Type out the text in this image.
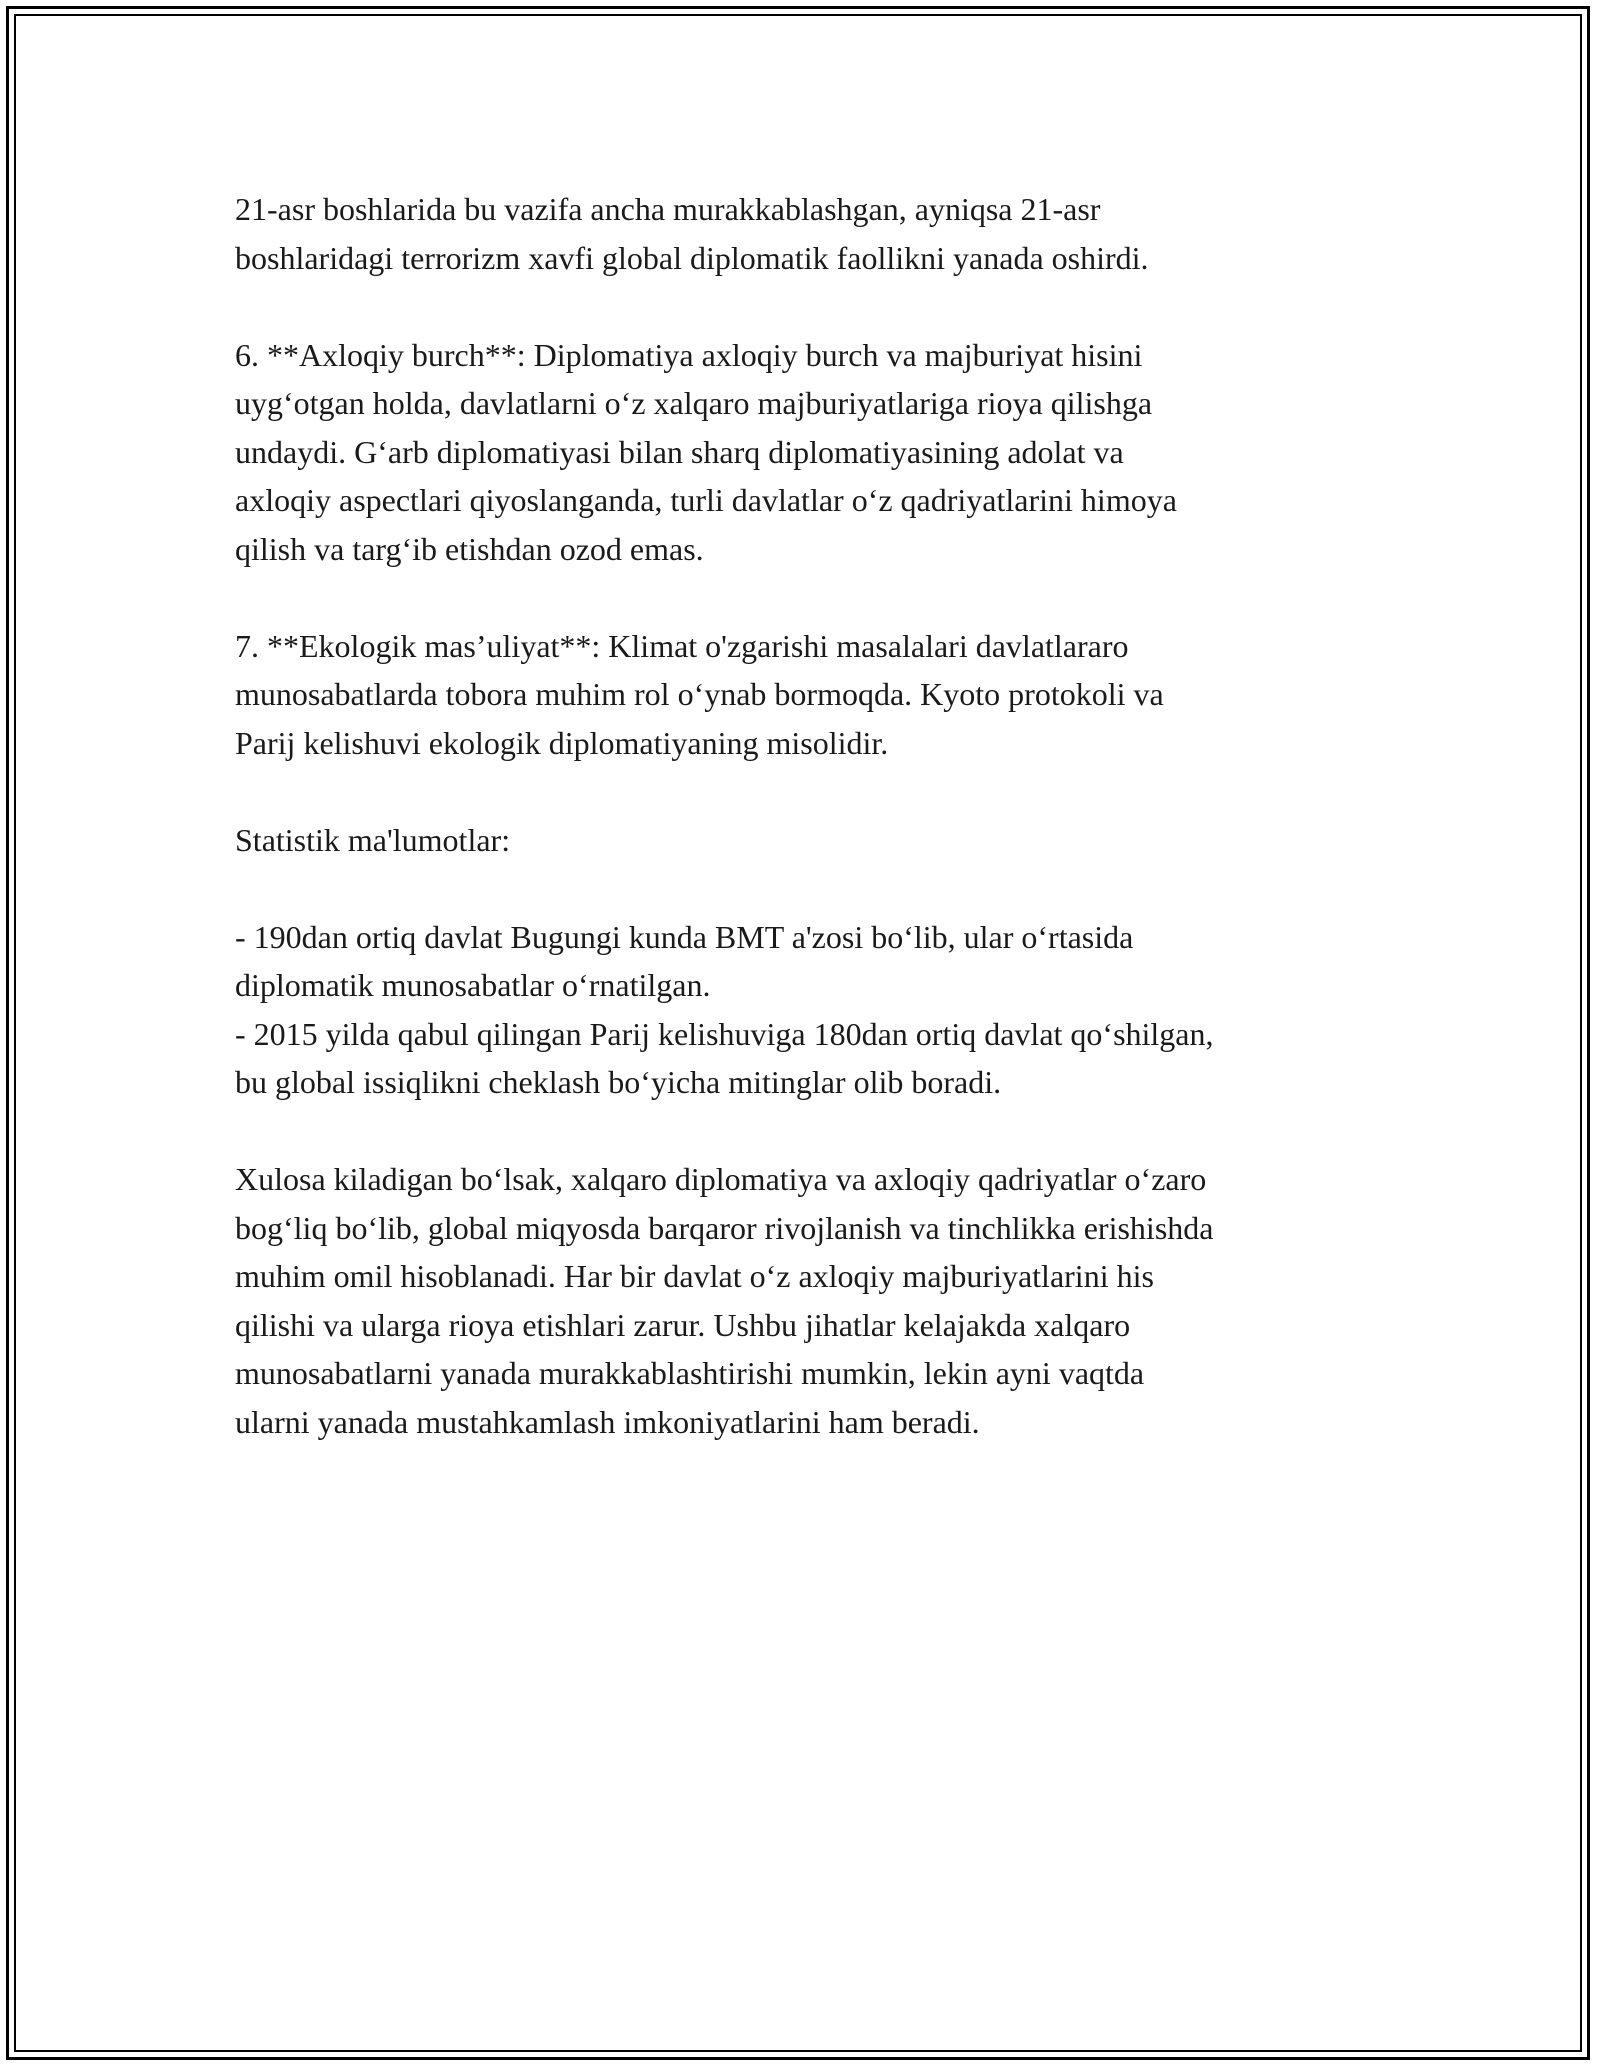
21-asr boshlarida bu vazifa ancha murakkablashgan, ayniqsa 21-asr
boshlaridagi terrorizm xavfi global diplomatik faollikni yanada oshirdi.

6. **Axloqiy burch**: Diplomatiya axloqiy burch va majburiyat hisini
uyg‘otgan holda, davlatlarni o‘z xalqaro majburiyatlariga rioya qilishga
undaydi. G‘arb diplomatiyasi bilan sharq diplomatiyasining adolat va
axloqiy aspectlari qiyoslanganda, turli davlatlar o‘z qadriyatlarini himoya
qilish va targ‘ib etishdan ozod emas.

7. **Ekologik mas’uliyat**: Klimat o'zgarishi masalalari davlatlararo
munosabatlarda tobora muhim rol o‘ynab bormoqda. Kyoto protokoli va
Parij kelishuvi ekologik diplomatiyaning misolidir.

Statistik ma'lumotlar:

- 190dan ortiq davlat Bugungi kunda BMT a'zosi bo‘lib, ular o‘rtasida
diplomatik munosabatlar o‘rnatilgan.
- 2015 yilda qabul qilingan Parij kelishuviga 180dan ortiq davlat qo‘shilgan,
bu global issiqlikni cheklash bo‘yicha mitinglar olib boradi.

Xulosa kiladigan bo‘lsak, xalqaro diplomatiya va axloqiy qadriyatlar o‘zaro
bog‘liq bo‘lib, global miqyosda barqaror rivojlanish va tinchlikka erishishda
muhim omil hisoblanadi. Har bir davlat o‘z axloqiy majburiyatlarini his
qilishi va ularga rioya etishlari zarur. Ushbu jihatlar kelajakda xalqaro
munosabatlarni yanada murakkablashtirishi mumkin, lekin ayni vaqtda
ularni yanada mustahkamlash imkoniyatlarini ham beradi.
